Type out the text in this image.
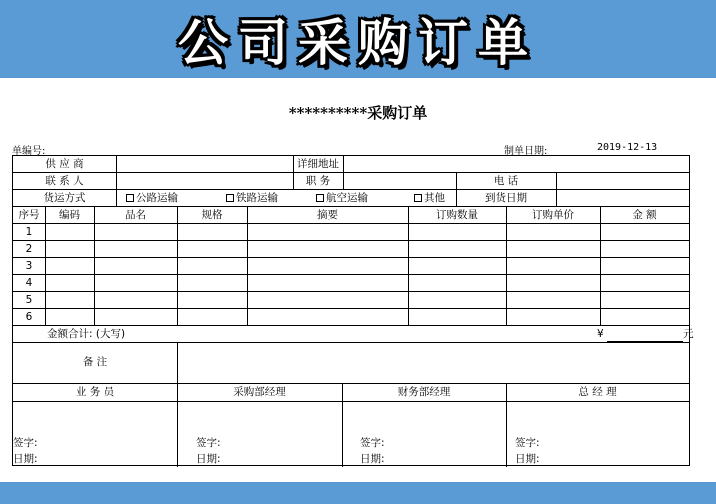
公司采购订单
**********采购订单
单编号:	制单日期:	2019-12-13
供 应 商	详细地址
联 系 人	职 务	电 话
货运方式	公路运输	铁路运输	航空运输	其他	到货日期
序号	编码	品名	规格	摘要	订购数量	订购单价	金 额
1
2
3
4
5
6
金额合计: (大写)	¥	元
备 注
业 务 员	采购部经理	财务部经理	总 经 理
签字:
日期:
签字:
日期:
签字:
日期:
签字:
日期:
